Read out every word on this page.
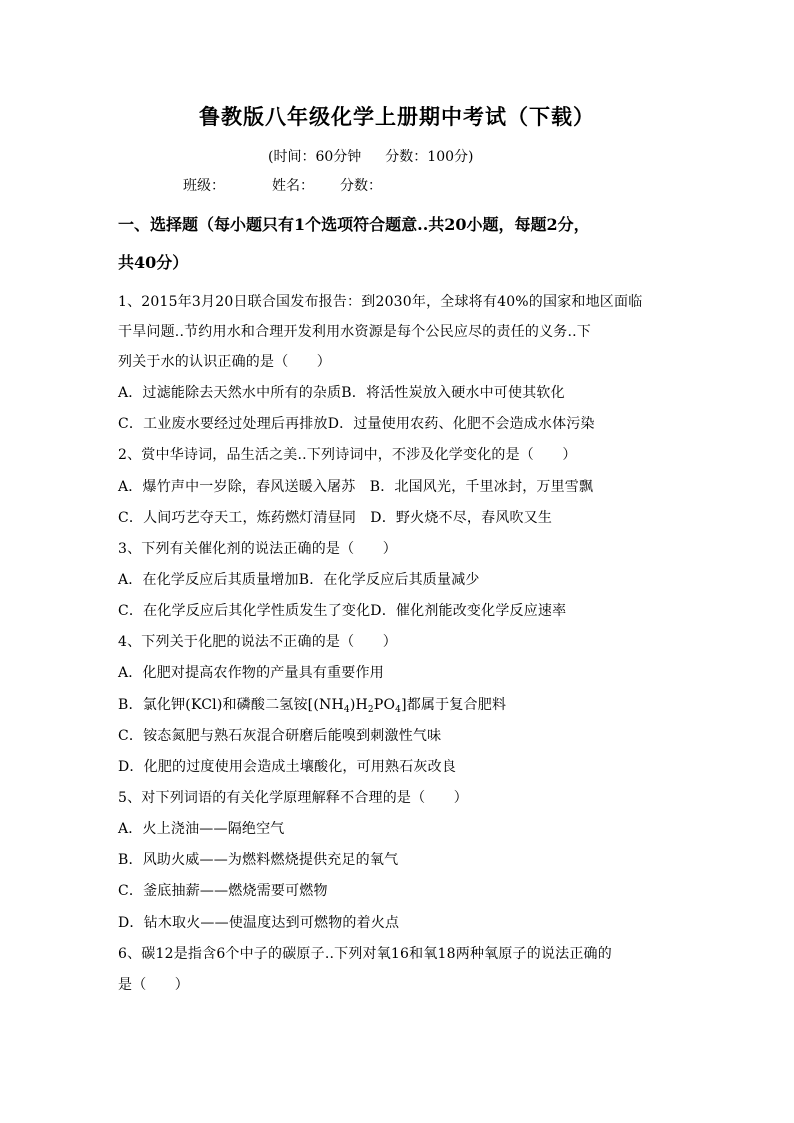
鲁教版八年级化学上册期中考试（下载）
(时间：60分钟 分数：100分)
班级：	姓名： 分数：
一、选择题（每小题只有1个选项符合题意..共20小题，每题2分，
共40分）
1、2015年3月20日联合国发布报告：到2030年，全球将有40%的国家和地区面临
干旱问题..节约用水和合理开发利用水资源是每个公民应尽的责任的义务..下
列关于水的认识正确的是（　　）
A．过滤能除去天然水中所有的杂质B．将活性炭放入硬水中可使其软化
C．工业废水要经过处理后再排放D．过量使用农药、化肥不会造成水体污染
2、赏中华诗词，品生活之美..下列诗词中，不涉及化学变化的是（　　）
A．爆竹声中一岁除，春风送暖入屠苏　B．北国风光，千里冰封，万里雪飘
C．人间巧艺夺天工，炼药燃灯清昼同　D．野火烧不尽，春风吹又生
3、下列有关催化剂的说法正确的是（　　）
A．在化学反应后其质量增加B．在化学反应后其质量减少
C．在化学反应后其化学性质发生了变化D．催化剂能改变化学反应速率
4、下列关于化肥的说法不正确的是（　　）
A．化肥对提高农作物的产量具有重要作用
B．氯化钾(KCl)和磷酸二氢铵$[(NH_4)H_2PO_4]$都属于复合肥料
C．铵态氮肥与熟石灰混合研磨后能嗅到刺激性气味
D．化肥的过度使用会造成土壤酸化，可用熟石灰改良
5、对下列词语的有关化学原理解释不合理的是（　　）
A．火上浇油——隔绝空气
B．风助火威——为燃料燃烧提供充足的氧气
C．釜底抽薪——燃烧需要可燃物
D．钻木取火——使温度达到可燃物的着火点
6、碳12是指含6个中子的碳原子..下列对氧16和氧18两种氧原子的说法正确的
是（　　）
